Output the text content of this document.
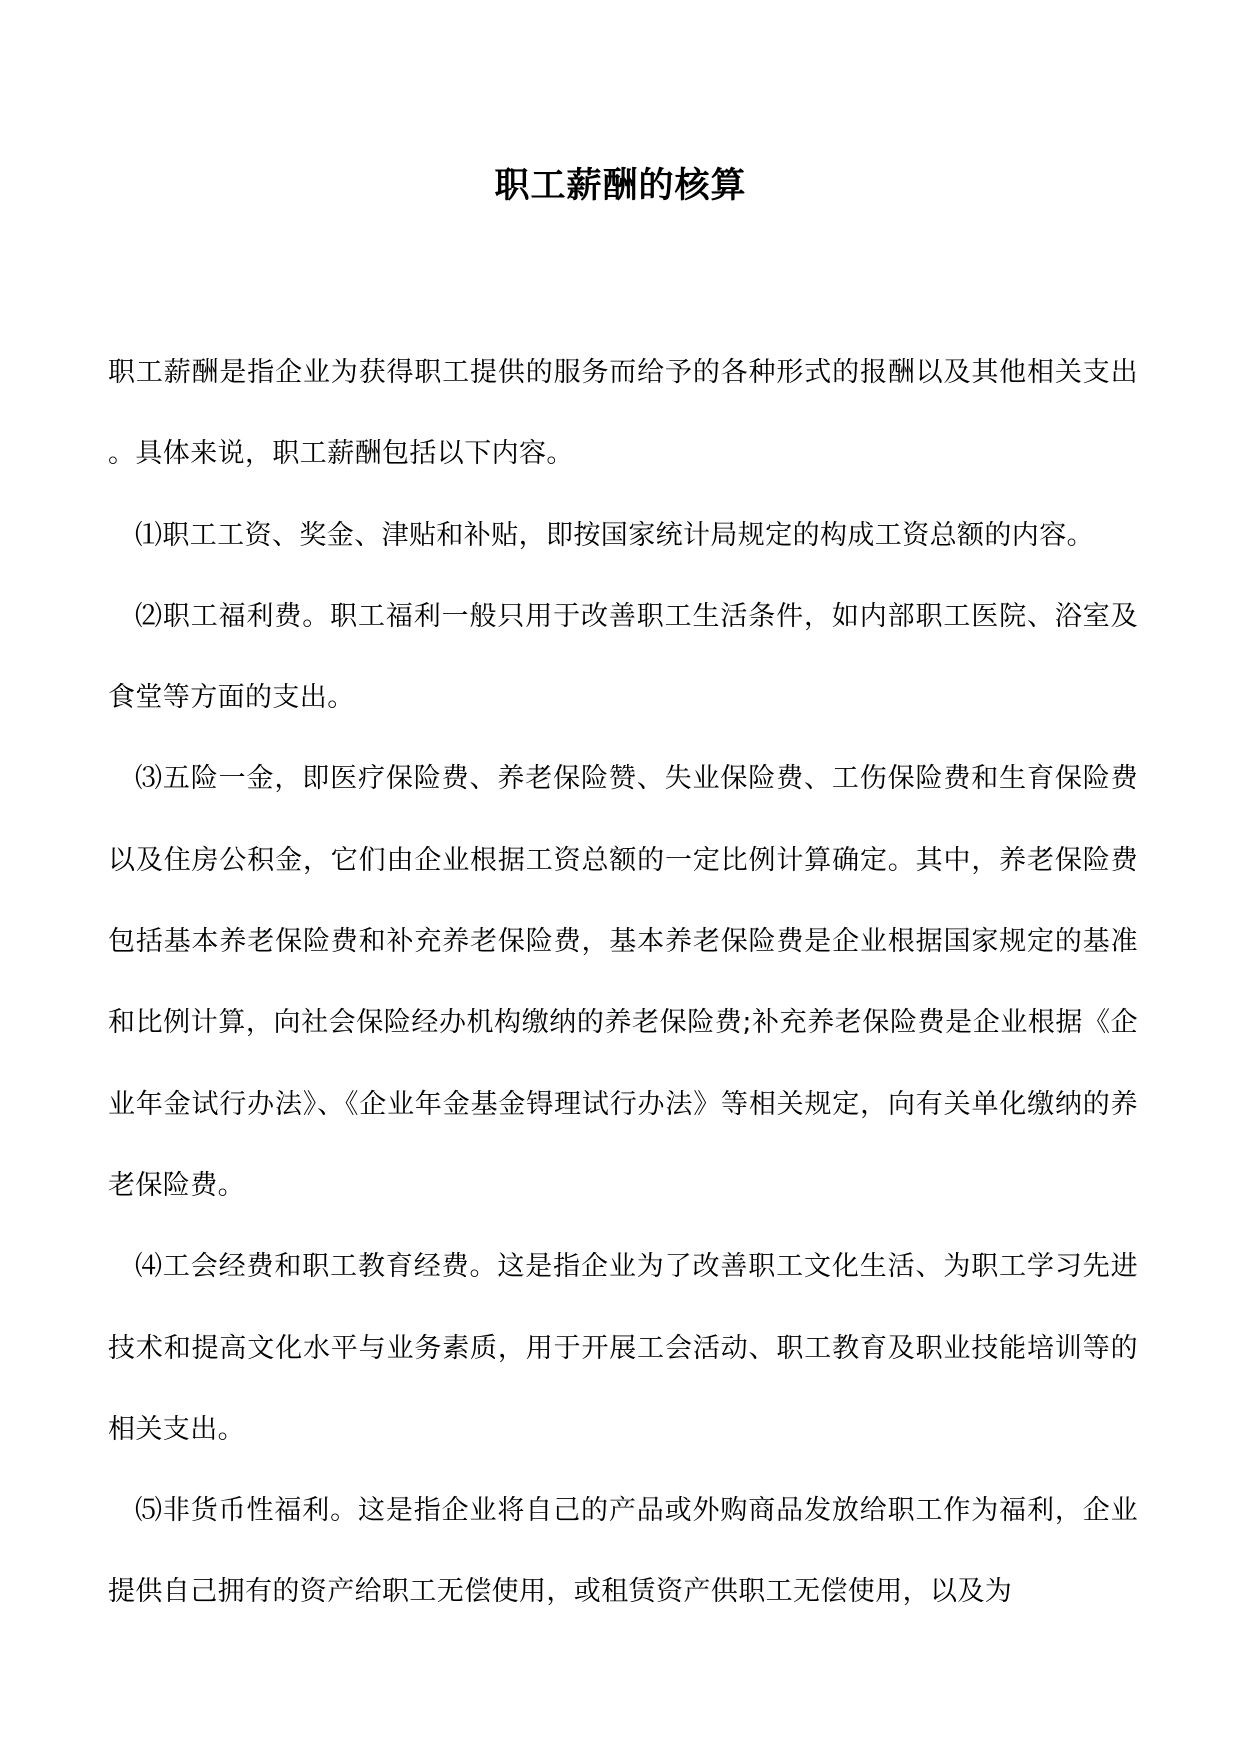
职工薪酬的核算

职工薪酬是指企业为获得职工提供的服务而给予的各种形式的报酬以及其他相关支出。具体来说，职工薪酬包括以下内容。

⑴职工工资、奖金、津贴和补贴，即按国家统计局规定的构成工资总额的内容。

⑵职工福利费。职工福利一般只用于改善职工生活条件，如内部职工医院、浴室及食堂等方面的支出。

⑶五险一金，即医疗保险费、养老保险赞、失业保险费、工伤保险费和生育保险费以及住房公积金，它们由企业根据工资总额的一定比例计算确定。其中，养老保险费包括基本养老保险费和补充养老保险费，基本养老保险费是企业根据国家规定的基准和比例计算，向社会保险经办机构缴纳的养老保险费;补充养老保险费是企业根据《企业年金试行办法》、《企业年金基金锝理试行办法》等相关规定，向有关单化缴纳的养老保险费。

⑷工会经费和职工教育经费。这是指企业为了改善职工文化生活、为职工学习先进技术和提高文化水平与业务素质，用于开展工会活动、职工教育及职业技能培训等的相关支出。

⑸非货币性福利。这是指企业将自己的产品或外购商品发放给职工作为福利，企业提供自己拥有的资产给职工无偿使用，或租赁资产供职工无偿使用，以及为
